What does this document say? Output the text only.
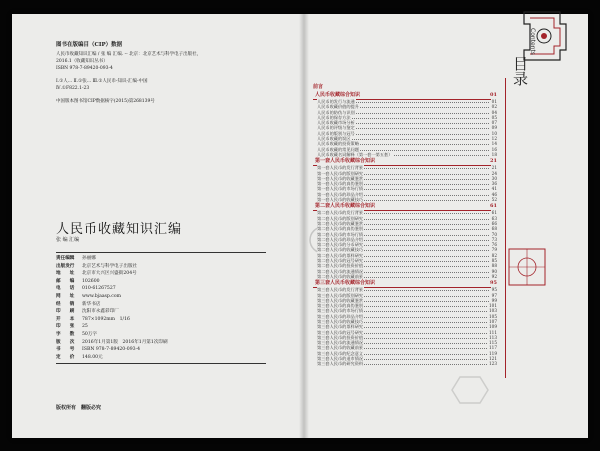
图书在版编目（CIP）数据
人民币收藏知识汇编 / 张 编 汇编. -- 北京：北京艺术与科学电子出版社，
2016.1（收藏知识丛书）
ISBN 978-7-89420-093-4
Ⅰ.①人… Ⅱ.①张… Ⅲ.①人民币-知识-汇编-中国
Ⅳ.①F822.1-23
中国版本图书馆CIP数据核字(2015)第268139号
人民币收藏知识汇编
张 编 汇编
责任编辑	孙丽娜
出版发行	北京艺术与科学电子出版社
地　　址	北京市大兴区兴盛街204号
邮　　编	102600
电　　话	010-61267527
网　　址	www.bjaasp.com
经　　销	新华书店
印　　刷	沈阳市永鑫彩印厂
开　　本	787×1092mm　1/16
印　　张	25
字　　数	50万字
版　　次	2016年1月第1版　2016年1月第1次印刷
书　　号	ISBN 978-7-89420-093-4
定　　价	148.00元
版权所有　翻版必究
Contents
目录
前言
人民币收藏综合知识	01
人民币的发行与流通	01
人民币收藏价值的提升	02
人民币的防伪与识别	04
人民币的保存方法	05
人民币收藏市场分析	07
人民币的评级与鉴定	09
人民币的版别与冠号	10
人民币收藏的误区	12
人民币收藏的投资策略	14
人民币收藏的常见问题	16
人民币收藏名词解释（第一套一第五套）	18
第一套人民币收藏综合知识	21
第一套人民币的发行背景	21
第一套人民币的版别研究	24
第一套人民币的收藏鉴赏	30
第一套人民币的真伪鉴别	36
第一套人民币的市场行情	41
第一套人民币的珍品介绍	46
第一套人民币的收藏技巧	52
第二套人民币收藏综合知识	61
第二套人民币的发行背景	61
第二套人民币的版别研究	63
第二套人民币的收藏鉴赏	66
第二套人民币的真伪鉴别	68
第二套人民币的市场行情	70
第二套人民币的珍品介绍	73
第二套人民币的分币研究	76
第二套人民币的收藏技巧	79
第二套人民币的票样研究	82
第二套人民币的冠号研究	85
第二套人民币的投资价值	88
第二套人民币的流通情况	90
第二套人民币的收藏前景	92
第三套人民币收藏综合知识	95
第三套人民币的发行背景	95
第三套人民币的版别研究	97
第三套人民币的收藏鉴赏	99
第三套人民币的真伪鉴别	101
第三套人民币的市场行情	103
第三套人民币的珍品介绍	105
第三套人民币的收藏技巧	107
第三套人民币的票样研究	109
第三套人民币的冠号研究	111
第三套人民币的投资价值	113
第三套人民币的流通情况	115
第三套人民币的收藏前景	117
第三套人民币的纪念意义	119
第三套人民币的退市情况	121
第三套人民币的研究资料	123
